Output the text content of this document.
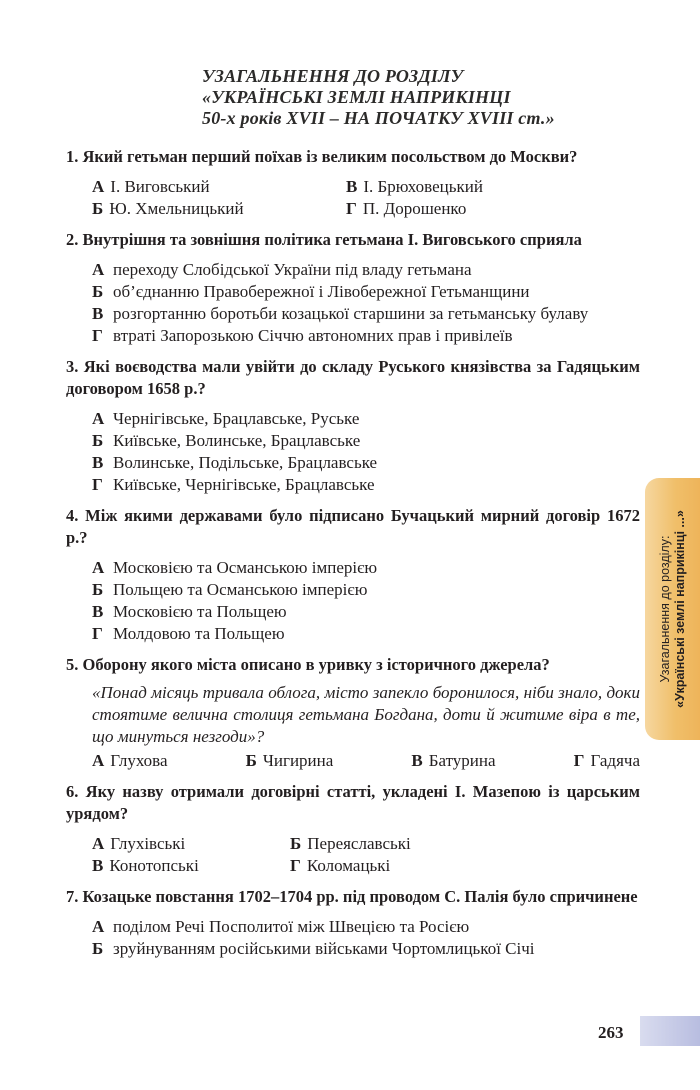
УЗАГАЛЬНЕННЯ ДО РОЗДІЛУ
«УКРАЇНСЬКІ ЗЕМЛІ НАПРИКІНЦІ
50-х років XVII – НА ПОЧАТКУ XVIII ст.»
1. Який гетьман перший поїхав із великим посольством до Москви?
А І. Виговський	В І. Брюховецький
Б Ю. Хмельницький	Г П. Дорошенко
2. Внутрішня та зовнішня політика гетьмана І. Виговського сприяла
А переходу Слобідської України під владу гетьмана
Б об’єднанню Правобережної і Лівобережної Гетьманщини
В розгортанню боротьби козацької старшини за гетьманську булаву
Г втраті Запорозькою Січчю автономних прав і привілеїв
3. Які воєводства мали увійти до складу Руського князівства за Гадяцьким договором 1658 р.?
А Чернігівське, Брацлавське, Руське
Б Київське, Волинське, Брацлавське
В Волинське, Подільське, Брацлавське
Г Київське, Чернігівське, Брацлавське
4. Між якими державами було підписано Бучацький мирний договір 1672 р.?
А Московією та Османською імперією
Б Польщею та Османською імперією
В Московією та Польщею
Г Молдовою та Польщею
5. Оборону якого міста описано в уривку з історичного джерела?
«Понад місяць тривала облога, місто запекло боронилося, ніби знало, доки стоятиме велична столиця гетьмана Богдана, доти й житиме віра в те, що минуться незгоди»?
А Глухова	Б Чигирина	В Батурина	Г Гадяча
6. Яку назву отримали договірні статті, укладені І. Мазепою із царським урядом?
А Глухівські	Б Переяславські
В Конотопські	Г Коломацькі
7. Козацьке повстання 1702–1704 рр. під проводом С. Палія було спричинене
А поділом Речі Посполитої між Швецією та Росією
Б зруйнуванням російськими військами Чортомлицької Січі
Узагальнення до розділу: «Українські землі наприкінці ...»
263
